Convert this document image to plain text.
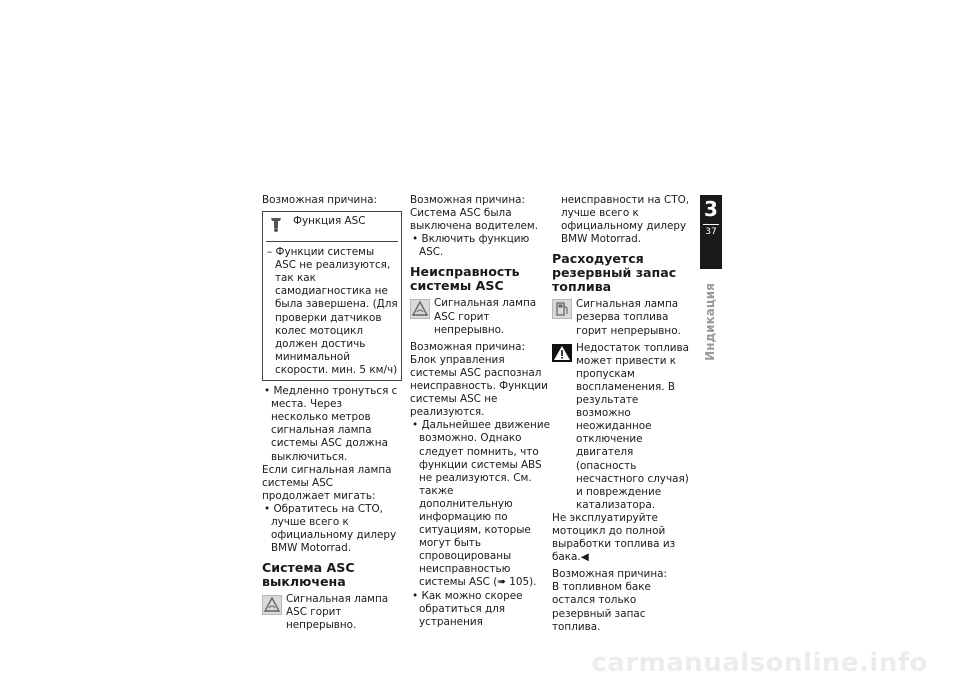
Возможная причина:

Функция ASC

– Функции системы ASC не реализуются, так как самодиагностика не была завершена. (Для проверки датчиков колес мотоцикл должен достичь минимальной скорости. мин. 5 км/ч)

• Медленно тронуться с места. Через несколько метров сигнальная лампа системы ASC должна выключиться.

Если сигнальная лампа системы ASC продолжает мигать:

• Обратитесь на СТО, лучше всего к официальному дилеру BMW Motorrad.

Система ASC выключена

Сигнальная лампа ASC горит непрерывно.

Возможная причина:

Система ASC была выключена водителем.

• Включить функцию ASC.

Неисправность системы ASC

Сигнальная лампа ASC горит непрерывно.

Возможная причина:

Блок управления системы ASC распознал неисправность. Функции системы ASC не реализуются.

• Дальнейшее движение возможно. Однако следует помнить, что функции системы ABS не реализуются. См. также дополнительную информацию по ситуациям, которые могут быть спровоцированы неисправностью системы ASC (➠ 105).

• Как можно скорее обратиться для устранения

неисправности на СТО, лучше всего к официальному дилеру BMW Motorrad.

Расходуется резервный запас топлива

Сигнальная лампа резерва топлива горит непрерывно.

Недостаток топлива может привести к пропускам воспламенения. В результате возможно неожиданное отключение двигателя (опасность несчастного случая) и повреждение катализатора.

Не эксплуатируйте мотоцикл до полной выработки топлива из бака.◀

Возможная причина:

В топливном баке остался только резервный запас топлива.

3
37
Индикация
carmanualsonline.info
